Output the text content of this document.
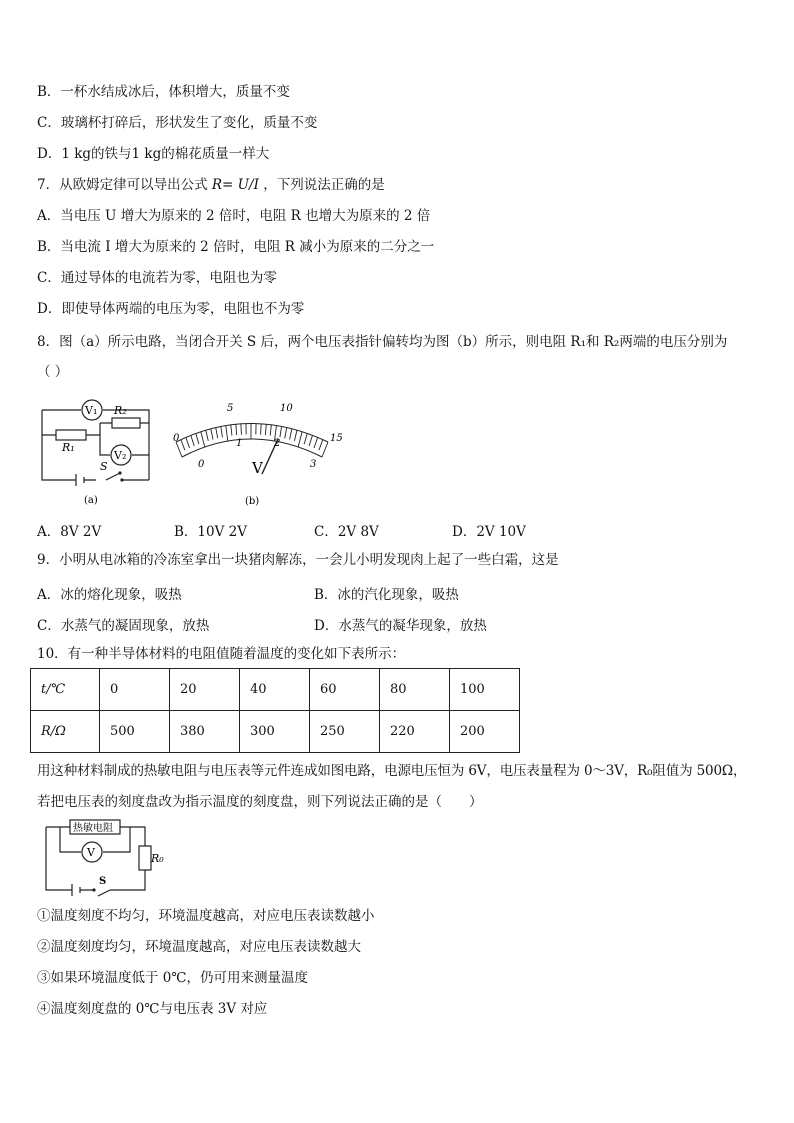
B．一杯水结成冰后，体积增大，质量不变
C．玻璃杯打碎后，形状发生了变化，质量不变
D．1 kg的铁与1 kg的棉花质量一样大
7．从欧姆定律可以导出公式 R= U/I ，下列说法正确的是
A．当电压 U 增大为原来的 2 倍时，电阻 R 也增大为原来的 2 倍
B．当电流 I 增大为原来的 2 倍时，电阻 R 减小为原来的二分之一
C．通过导体的电流若为零，电阻也为零
D．即使导体两端的电压为零，电阻也不为零
8．图（a）所示电路，当闭合开关 S 后，两个电压表指针偏转均为图（b）所示，则电阻 R₁和 R₂两端的电压分别为
（ ）
V₁
V₂
R₁
R₂
S
(a)
0
5	10
15
0
1	2
3
V
(b)
A．8V 2V	B．10V 2V	C．2V 8V	D．2V 10V
9．小明从电冰箱的冷冻室拿出一块猪肉解冻，一会儿小明发现肉上起了一些白霜，这是
A．冰的熔化现象，吸热	B．冰的汽化现象，吸热
C．水蒸气的凝固现象，放热	D．水蒸气的凝华现象，放热
10．有一种半导体材料的电阻值随着温度的变化如下表所示：
t/℃	0	20	40	60	80	100
R/Ω	500	380	300	250	220	200
用这种材料制成的热敏电阻与电压表等元件连成如图电路，电源电压恒为 6V，电压表量程为 0～3V，R₀阻值为 500Ω，
若把电压表的刻度盘改为指示温度的刻度盘，则下列说法正确的是（　　）
热敏电阻
V	R₀
S
①温度刻度不均匀，环境温度越高，对应电压表读数越小
②温度刻度均匀，环境温度越高，对应电压表读数越大
③如果环境温度低于 0℃，仍可用来测量温度
④温度刻度盘的 0℃与电压表 3V 对应
